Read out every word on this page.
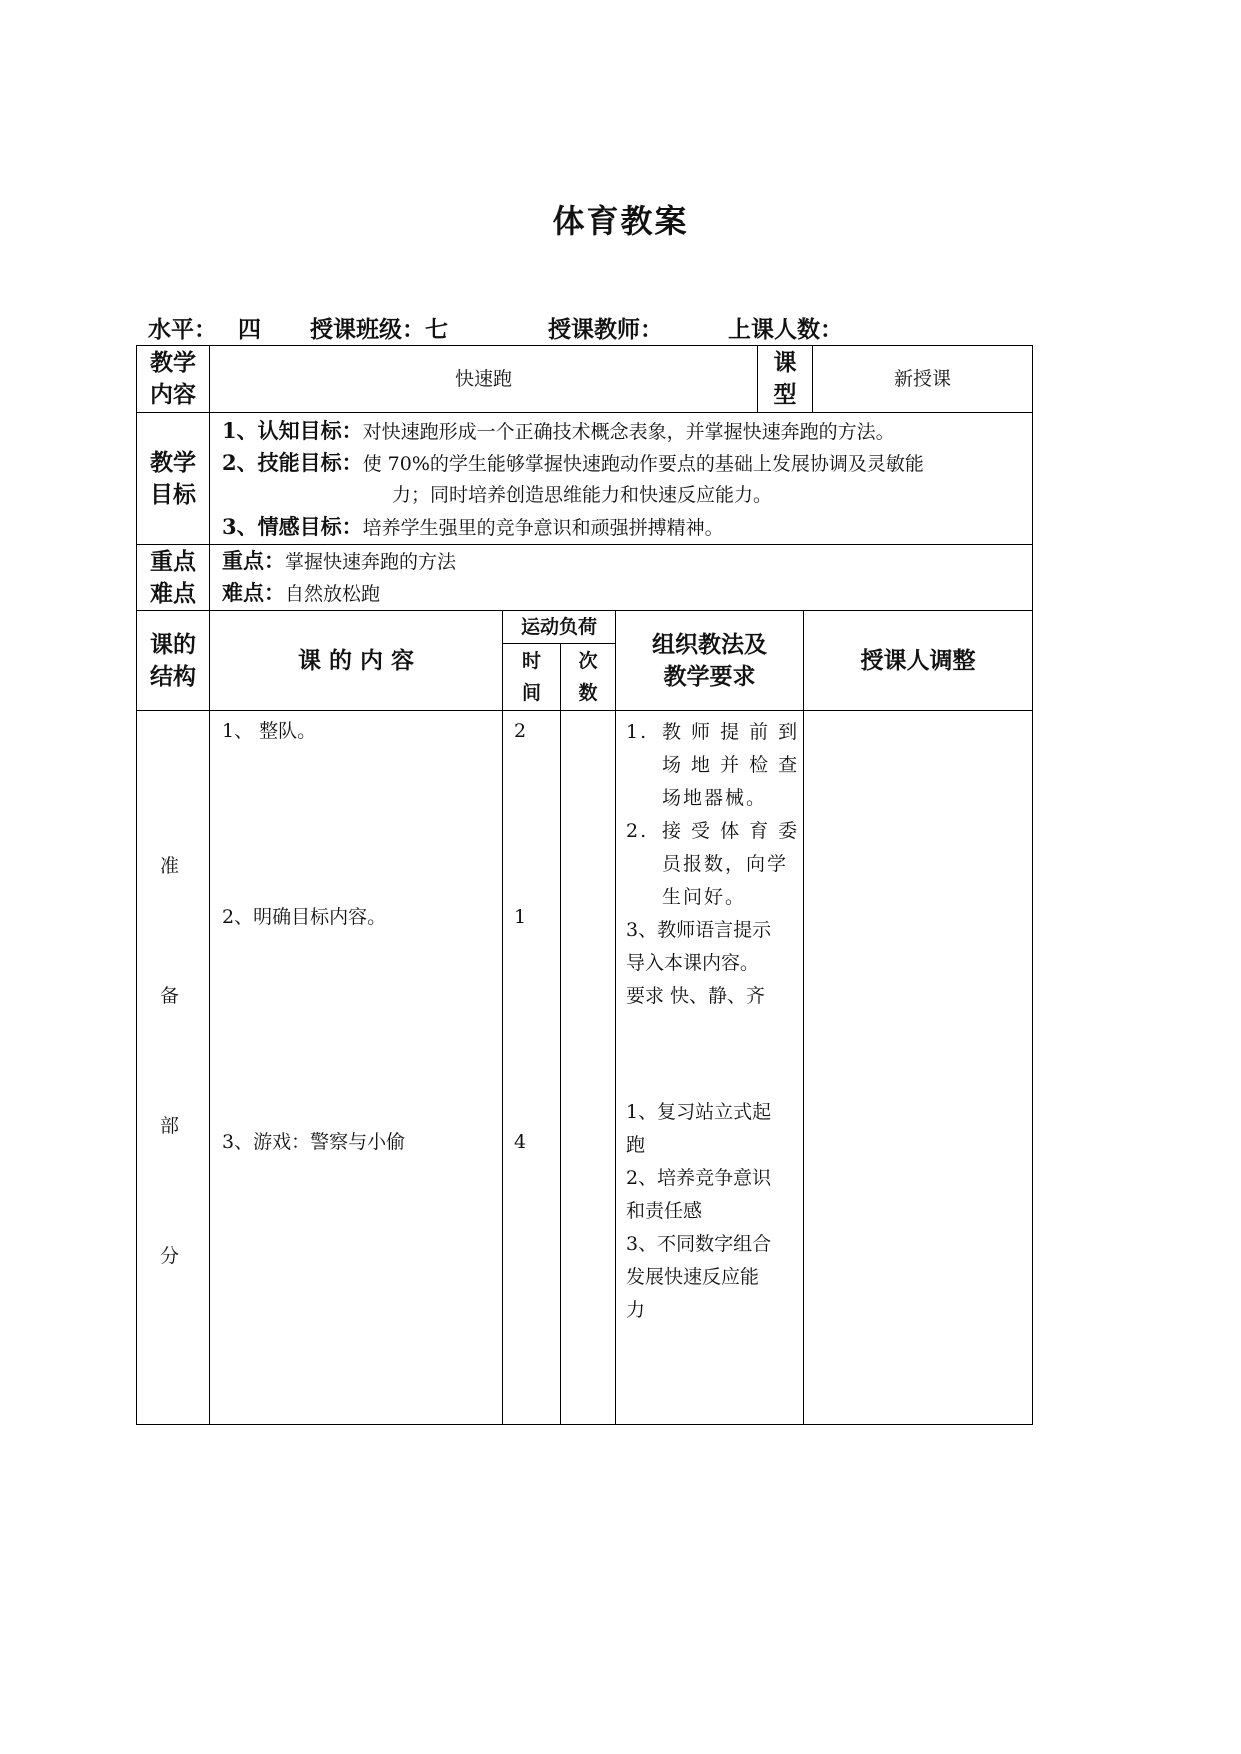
体育教案
水平： 四 授课班级：七	授课教师：	上课人数：
教学内容
快速跑
课型
新授课
教学目标
1、认知目标：对快速跑形成一个正确技术概念表象，并掌握快速奔跑的方法。
2、技能目标：使 70%的学生能够掌握快速跑动作要点的基础上发展协调及灵敏能
力；同时培养创造思维能力和快速反应能力。
3、情感目标：培养学生强里的竞争意识和顽强拼搏精神。
重点难点
重点：掌握快速奔跑的方法
难点：自然放松跑
课的结构
课 的 内 容
运动负荷
时间
次数
组织教法及教学要求
授课人调整
准
备
部
分
1、 整队。
2、明确目标内容。
3、游戏：警察与小偷
2
1
4
1. 教 师 提 前 到
场 地 并 检 查
场地器械。
2. 接 受 体 育 委
员报数，向学
生问好。
3、教师语言提示
导入本课内容。
要求 快、静、齐
1、复习站立式起
跑
2、培养竞争意识
和责任感
3、不同数字组合
发展快速反应能
力
